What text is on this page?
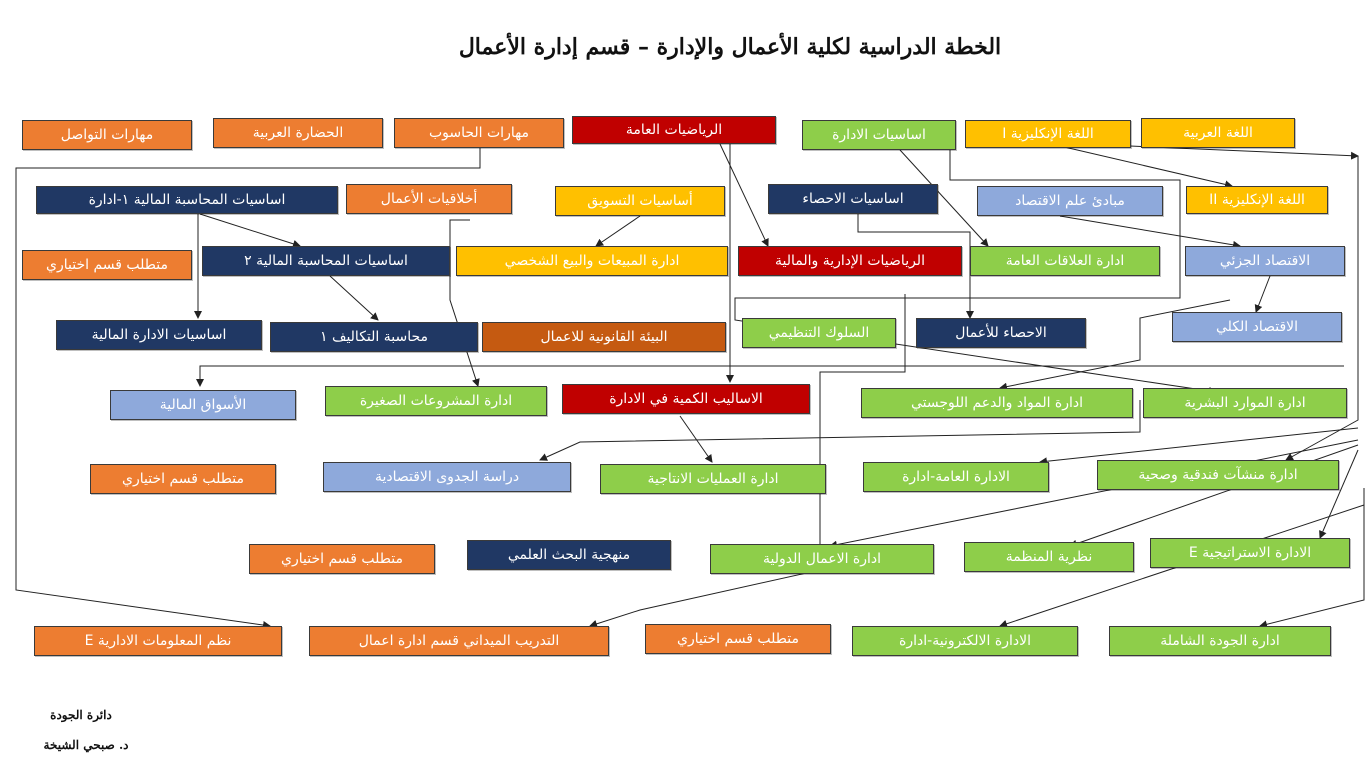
الخطة الدراسية لكلية الأعمال والإدارة – قسم إدارة الأعمال
مهارات التواصل	الحضارة العربية	مهارات الحاسوب	الرياضيات العامة	اساسيات الادارة	اللغة الإنكليزية I	اللغة العربية
اساسيات المحاسبة المالية ١-ادارة	أخلاقيات الأعمال	أساسيات التسويق	اساسيات الاحصاء	مبادئ علم الاقتصاد	اللغة الإنكليزية II
متطلب قسم اختياري	اساسيات المحاسبة المالية ٢	ادارة المبيعات والبيع الشخصي	الرياضيات الإدارية والمالية	ادارة العلاقات العامة	الاقتصاد الجزئي
اساسيات الادارة المالية	محاسبة التكاليف ١	البيئة القانونية للاعمال	السلوك التنظيمي	الاحصاء للأعمال	الاقتصاد الكلي
الأسواق المالية	ادارة المشروعات الصغيرة	الاساليب الكمية في الادارة	ادارة المواد والدعم اللوجستي	ادارة الموارد البشرية
متطلب قسم اختياري	دراسة الجدوى الاقتصادية	ادارة العمليات الانتاجية	الادارة العامة-ادارة	ادارة منشآت فندقية وصحية
متطلب قسم اختياري	منهجية البحث العلمي	ادارة الاعمال الدولية	نظرية المنظمة	الادارة الاستراتيجية E
نظم المعلومات الادارية E	التدريب الميداني قسم ادارة اعمال	متطلب قسم اختياري	الادارة الالكترونية-ادارة	ادارة الجودة الشاملة
دائرة الجودة
د. صبحي الشيخة
